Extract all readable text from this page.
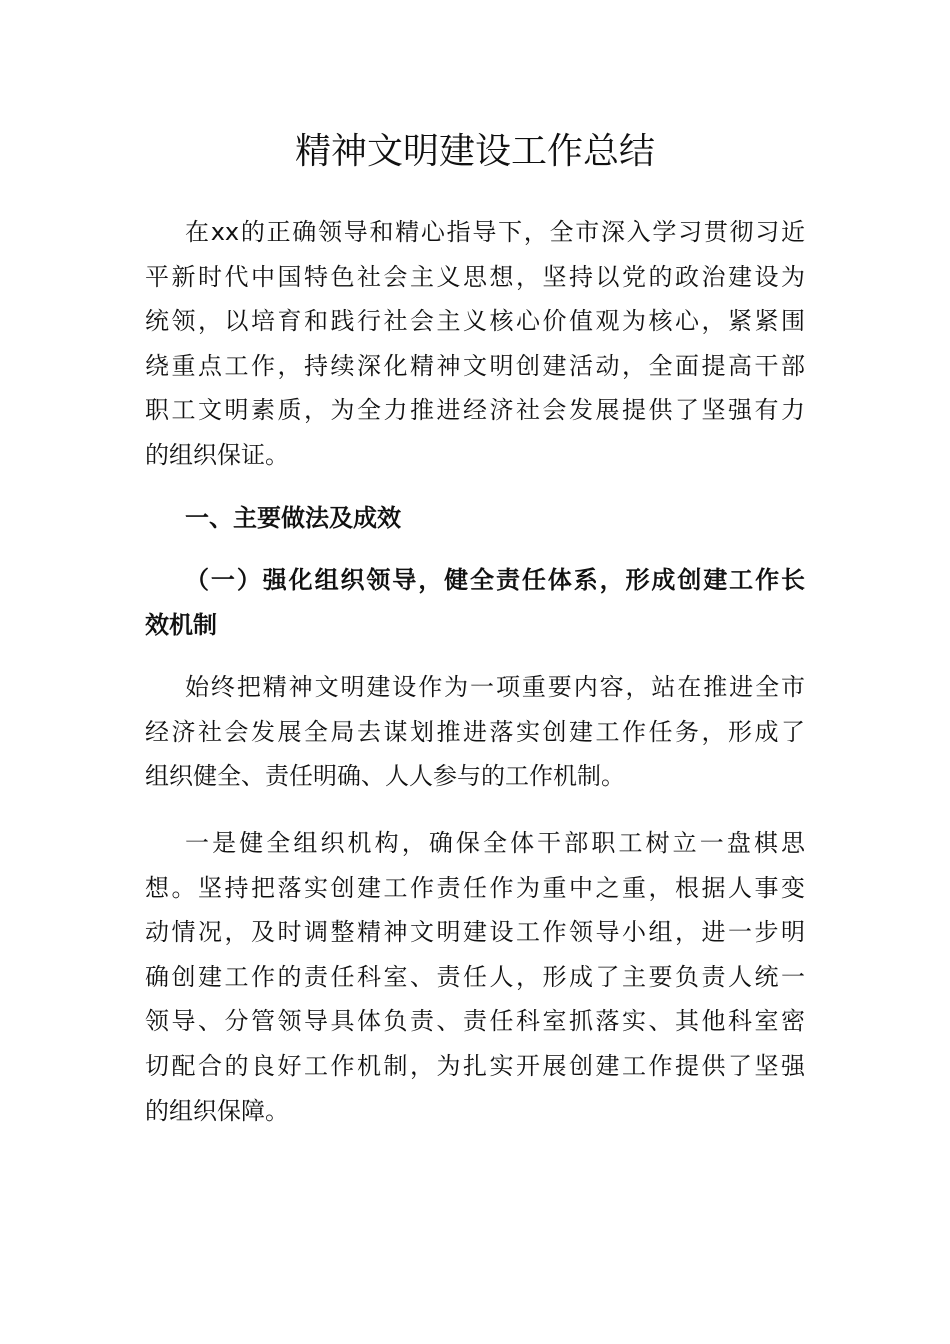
精神文明建设工作总结
在xx的正确领导和精心指导下，全市深入学习贯彻习近
平新时代中国特色社会主义思想，坚持以党的政治建设为
统领，以培育和践行社会主义核心价值观为核心，紧紧围
绕重点工作，持续深化精神文明创建活动，全面提高干部
职工文明素质，为全力推进经济社会发展提供了坚强有力
的组织保证。
一、主要做法及成效
（一）强化组织领导，健全责任体系，形成创建工作长
效机制
始终把精神文明建设作为一项重要内容，站在推进全市
经济社会发展全局去谋划推进落实创建工作任务，形成了
组织健全、责任明确、人人参与的工作机制。
一是健全组织机构，确保全体干部职工树立一盘棋思
想。坚持把落实创建工作责任作为重中之重，根据人事变
动情况，及时调整精神文明建设工作领导小组，进一步明
确创建工作的责任科室、责任人，形成了主要负责人统一
领导、分管领导具体负责、责任科室抓落实、其他科室密
切配合的良好工作机制，为扎实开展创建工作提供了坚强
的组织保障。
